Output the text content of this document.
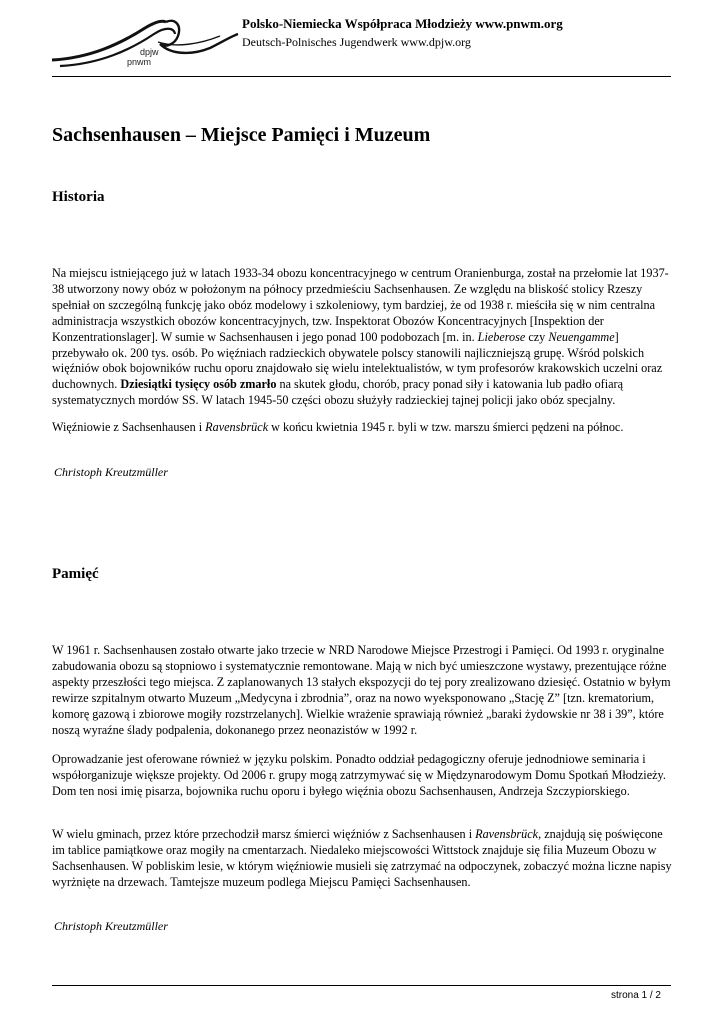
dpjw
pnwm
Polsko-Niemiecka Współpraca Młodzieży www.pnwm.org
Deutsch-Polnisches Jugendwerk www.dpjw.org
Sachsenhausen – Miejsce Pamięci i Muzeum
Historia

Na miejscu istniejącego już w latach 1933-34 obozu koncentracyjnego w centrum Oranienburga, został na przełomie lat 1937-38 utworzony nowy obóz w położonym na północy przedmieściu Sachsenhausen. Ze względu na bliskość stolicy Rzeszy spełniał on szczególną funkcję jako obóz modelowy i szkoleniowy, tym bardziej, że od 1938 r. mieściła się w nim centralna administracja wszystkich obozów koncentracyjnych, tzw. Inspektorat Obozów Koncentracyjnych [Inspektion der Konzentrationslager]. W sumie w Sachsenhausen i jego ponad 100 podobozach [m. in. Lieberose czy Neuengamme] przebywało ok. 200 tys. osób. Po więźniach radzieckich obywatele polscy stanowili najliczniejszą grupę. Wśród polskich więźniów obok bojowników ruchu oporu znajdowało się wielu intelektualistów, w tym profesorów krakowskich uczelni oraz duchownych. Dziesiątki tysięcy osób zmarło na skutek głodu, chorób, pracy ponad siły i katowania lub padło ofiarą systematycznych mordów SS. W latach 1945-50 części obozu służyły radzieckiej tajnej policji jako obóz specjalny.

Więźniowie z Sachsenhausen i Ravensbrück w końcu kwietnia 1945 r. byli w tzw. marszu śmierci pędzeni na północ.

Christoph Kreutzmüller

Pamięć

W 1961 r. Sachsenhausen zostało otwarte jako trzecie w NRD Narodowe Miejsce Przestrogi i Pamięci. Od 1993 r. oryginalne zabudowania obozu są stopniowo i systematycznie remontowane. Mają w nich być umieszczone wystawy, prezentujące różne aspekty przeszłości tego miejsca. Z zaplanowanych 13 stałych ekspozycji do tej pory zrealizowano dziesięć. Ostatnio w byłym rewirze szpitalnym otwarto Muzeum „Medycyna i zbrodnia”, oraz na nowo wyeksponowano „Stację Z” [tzn. krematorium, komorę gazową i zbiorowe mogiły rozstrzelanych]. Wielkie wrażenie sprawiają również „baraki żydowskie nr 38 i 39”, które noszą wyraźne ślady podpalenia, dokonanego przez neonazistów w 1992 r.

Oprowadzanie jest oferowane również w języku polskim. Ponadto oddział pedagogiczny oferuje jednodniowe seminaria i współorganizuje większe projekty. Od 2006 r. grupy mogą zatrzymywać się w Międzynarodowym Domu Spotkań Młodzieży. Dom ten nosi imię pisarza, bojownika ruchu oporu i byłego więźnia obozu Sachsenhausen, Andrzeja Szczypiorskiego.

W wielu gminach, przez które przechodził marsz śmierci więźniów z Sachsenhausen i Ravensbrück, znajdują się poświęcone im tablice pamiątkowe oraz mogiły na cmentarzach. Niedaleko miejscowości Wittstock znajduje się filia Muzeum Obozu w Sachsenhausen. W pobliskim lesie, w którym więźniowie musieli się zatrzymać na odpoczynek, zobaczyć można liczne napisy wyrżnięte na drzewach. Tamtejsze muzeum podlega Miejscu Pamięci Sachsenhausen.

Christoph Kreutzmüller

strona 1 / 2
